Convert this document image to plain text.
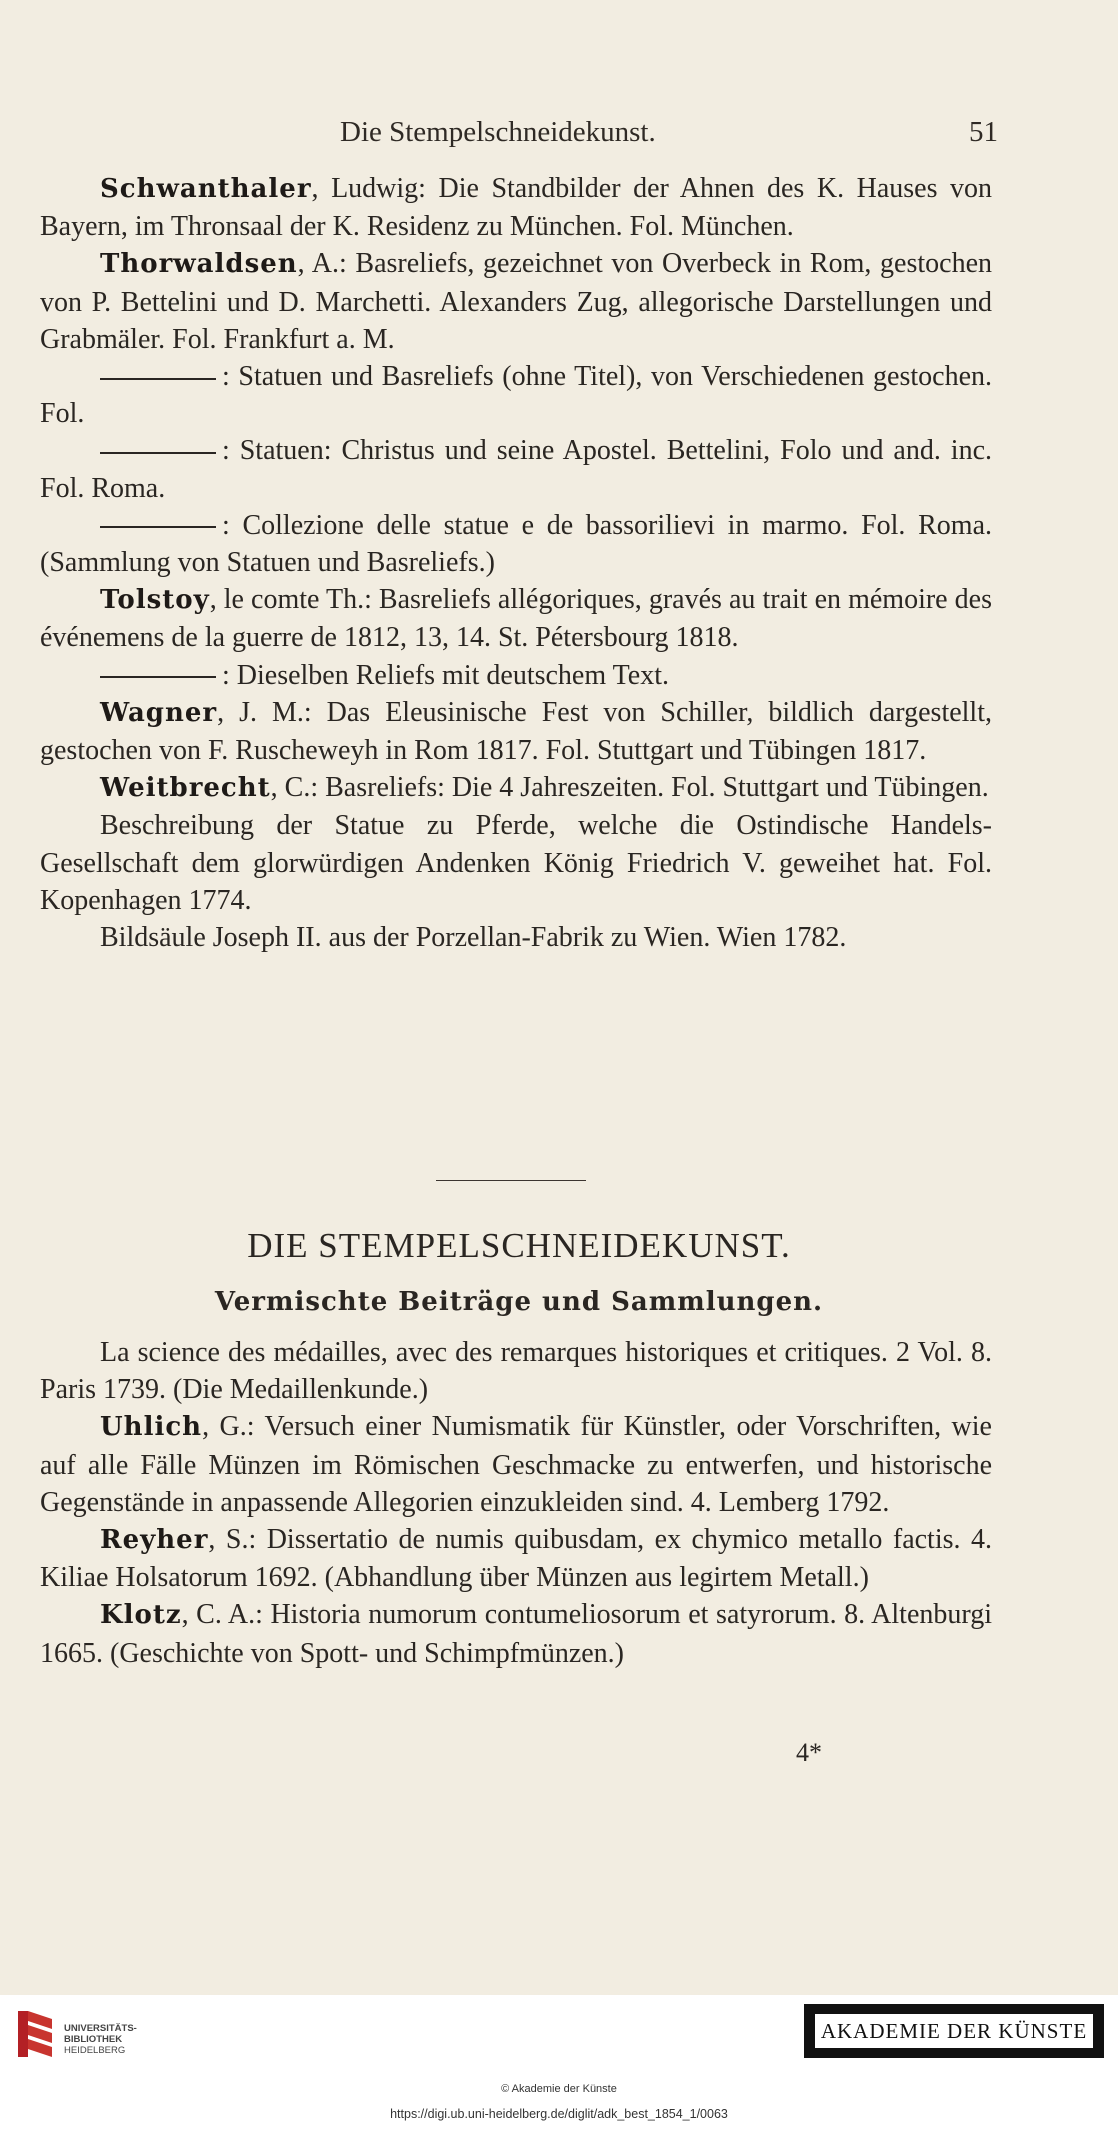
Die Stempelschneidekunst.	51

Schwanthaler, Ludwig: Die Standbilder der Ahnen des K. Hauses von Bayern, im Thronsaal der K. Residenz zu München. Fol. München.

Thorwaldsen, A.: Basreliefs, gezeichnet von Overbeck in Rom, gestochen von P. Bettelini und D. Marchetti. Alexanders Zug, allegorische Darstellungen und Grabmäler. Fol. Frankfurt a. M.

: Statuen und Basreliefs (ohne Titel), von Verschiedenen gestochen. Fol.

: Statuen: Christus und seine Apostel. Bettelini, Folo und and. inc. Fol. Roma.

: Collezione delle statue e de bassorilievi in marmo. Fol. Roma. (Sammlung von Statuen und Basreliefs.)

Tolstoy, le comte Th.: Basreliefs allégoriques, gravés au trait en mémoire des événemens de la guerre de 1812, 13, 14. St. Pétersbourg 1818.

: Dieselben Reliefs mit deutschem Text.

Wagner, J. M.: Das Eleusinische Fest von Schiller, bildlich dargestellt, gestochen von F. Ruscheweyh in Rom 1817. Fol. Stuttgart und Tübingen 1817.

Weitbrecht, C.: Basreliefs: Die 4 Jahreszeiten. Fol. Stuttgart und Tübingen.

Beschreibung der Statue zu Pferde, welche die Ostindische Handels-Gesellschaft dem glorwürdigen Andenken König Friedrich V. geweihet hat. Fol. Kopenhagen 1774.

Bildsäule Joseph II. aus der Porzellan-Fabrik zu Wien. Wien 1782.

DIE STEMPELSCHNEIDEKUNST.
Vermischte Beiträge und Sammlungen.

La science des médailles, avec des remarques historiques et critiques. 2 Vol. 8. Paris 1739. (Die Medaillenkunde.)

Uhlich, G.: Versuch einer Numismatik für Künstler, oder Vorschriften, wie auf alle Fälle Münzen im Römischen Geschmacke zu entwerfen, und historische Gegenstände in anpassende Allegorien einzukleiden sind. 4. Lemberg 1792.

Reyher, S.: Dissertatio de numis quibusdam, ex chymico metallo factis. 4. Kiliae Holsatorum 1692. (Abhandlung über Münzen aus legirtem Metall.)

Klotz, C. A.: Historia numorum contumeliosorum et satyrorum. 8. Altenburgi 1665. (Geschichte von Spott- und Schimpfmünzen.)

4*
UNIVERSITÄTS-
BIBLIOTHEK
HEIDELBERG
AKADEMIE DER KÜNSTE
© Akademie der Künste
https://digi.ub.uni-heidelberg.de/diglit/adk_best_1854_1/0063
